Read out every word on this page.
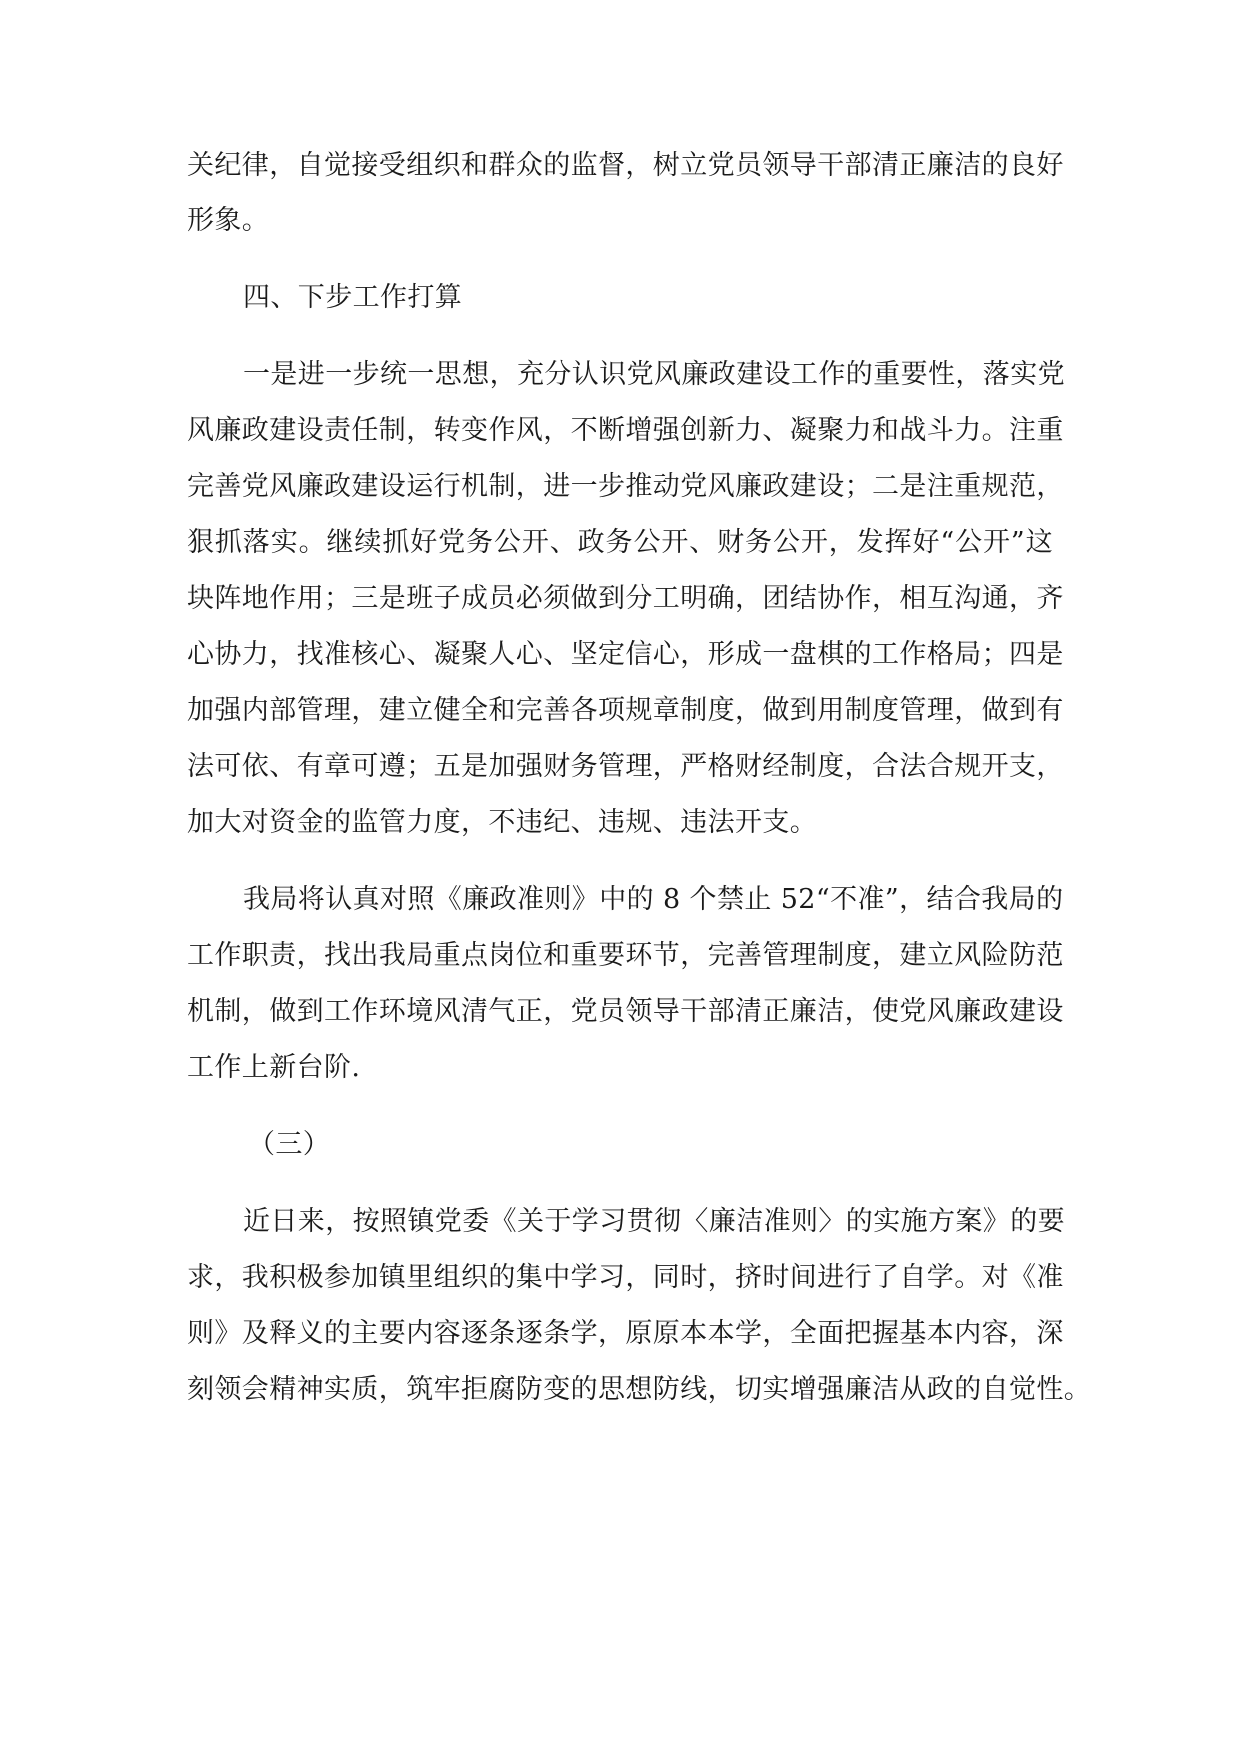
关纪律，自觉接受组织和群众的监督，树立党员领导干部清正廉洁的良好
形象。
四、下步工作打算
一是进一步统一思想，充分认识党风廉政建设工作的重要性，落实党
风廉政建设责任制，转变作风，不断增强创新力、凝聚力和战斗力。注重
完善党风廉政建设运行机制，进一步推动党风廉政建设；二是注重规范，
狠抓落实。继续抓好党务公开、政务公开、财务公开，发挥好“公开”这
块阵地作用；三是班子成员必须做到分工明确，团结协作，相互沟通，齐
心协力，找准核心、凝聚人心、坚定信心，形成一盘棋的工作格局；四是
加强内部管理，建立健全和完善各项规章制度，做到用制度管理，做到有
法可依、有章可遵；五是加强财务管理，严格财经制度，合法合规开支，
加大对资金的监管力度，不违纪、违规、违法开支。
我局将认真对照《廉政准则》中的 8 个禁止 52“不准”，结合我局的
工作职责，找出我局重点岗位和重要环节，完善管理制度，建立风险防范
机制，做到工作环境风清气正，党员领导干部清正廉洁，使党风廉政建设
工作上新台阶.
（三）
近日来，按照镇党委《关于学习贯彻〈廉洁准则〉的实施方案》的要
求，我积极参加镇里组织的集中学习，同时，挤时间进行了自学。对《准
则》及释义的主要内容逐条逐条学，原原本本学，全面把握基本内容，深
刻领会精神实质，筑牢拒腐防变的思想防线，切实增强廉洁从政的自觉性。
